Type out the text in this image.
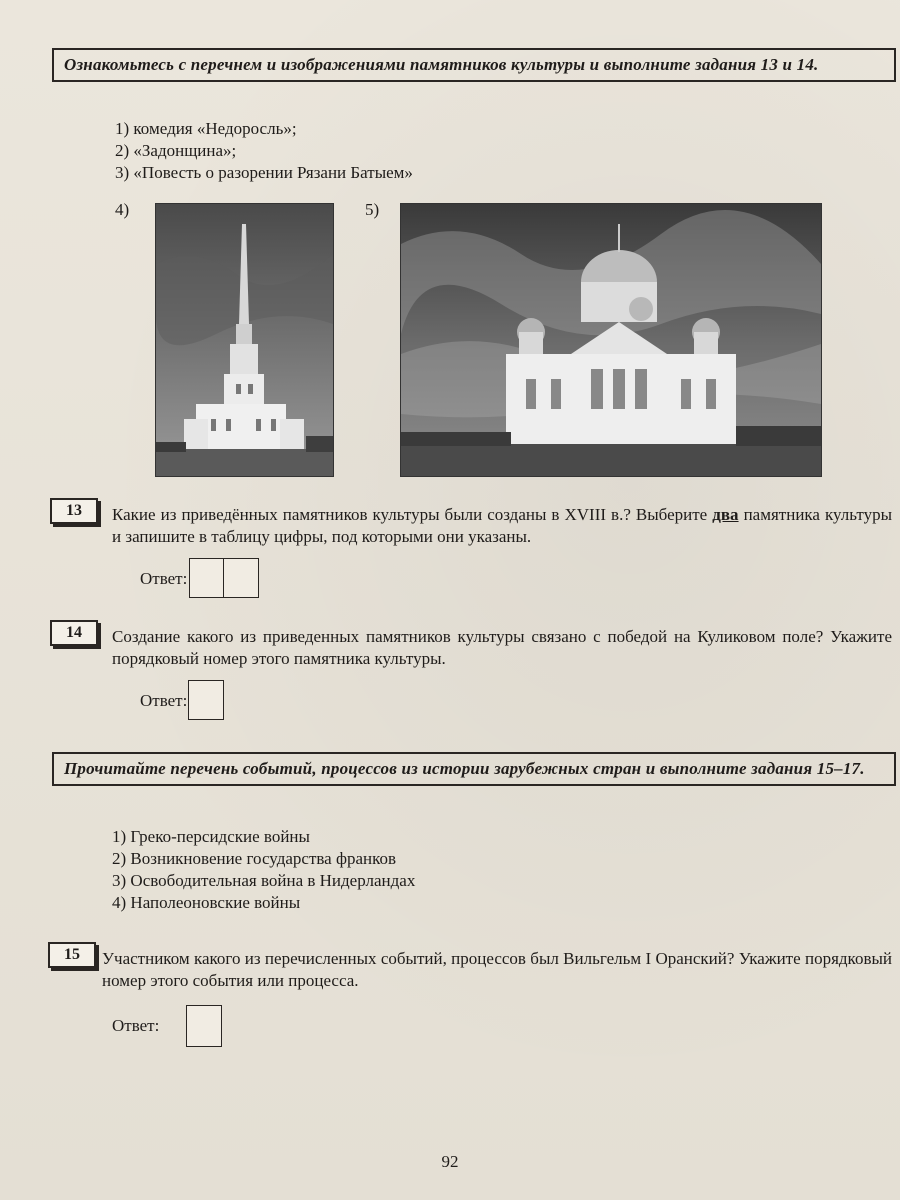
Ознакомьтесь с перечнем и изображениями памятников культуры и выполните задания 13 и 14.
1) комедия «Недоросль»;
2) «Задонщина»;
3) «Повесть о разорении Рязани Батыем»
4)	5)
13	Какие из приведённых памятников культуры были созданы в XVIII в.? Выберите два памятника культуры и запишите в таблицу цифры, под которыми они указаны.
Ответ:
14	Создание какого из приведенных памятников культуры связано с победой на Куликовом поле? Укажите порядковый номер этого памятника культуры.
Ответ:
Прочитайте перечень событий, процессов из истории зарубежных стран и выполните задания 15–17.
1) Греко-персидские войны
2) Возникновение государства франков
3) Освободительная война в Нидерландах
4) Наполеоновские войны
15	Участником какого из перечисленных событий, процессов был Вильгельм I Оранский? Укажите порядковый номер этого события или процесса.
Ответ:
92
